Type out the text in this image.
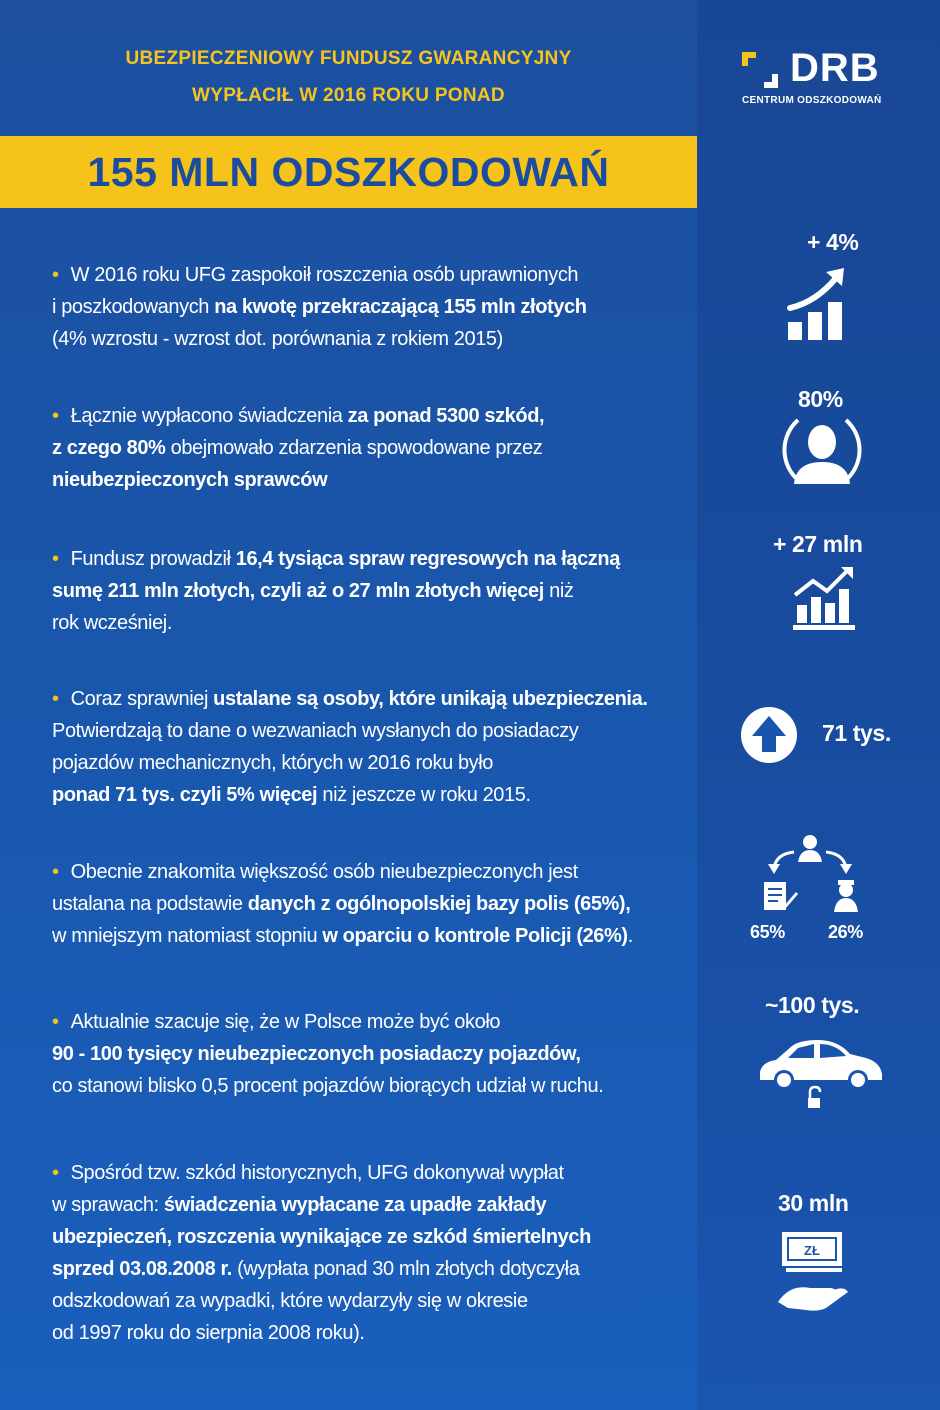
UBEZPIECZENIOWY FUNDUSZ GWARANCYJNY
WYPŁACIŁ W 2016 ROKU PONAD
155 MLN ODSZKODOWAŃ
DRB
CENTRUM ODSZKODOWAŃ
• W 2016 roku UFG zaspokoił roszczenia osób uprawnionych
i poszkodowanych na kwotę przekraczającą 155 mln złotych
(4% wzrostu - wzrost dot. porównania z rokiem 2015)
• Łącznie wypłacono świadczenia za ponad 5300 szkód,
z czego 80% obejmowało zdarzenia spowodowane przez
nieubezpieczonych sprawców
• Fundusz prowadził 16,4 tysiąca spraw regresowych na łączną
sumę 211 mln złotych, czyli aż o 27 mln złotych więcej niż
rok wcześniej.
• Coraz sprawniej ustalane są osoby, które unikają ubezpieczenia.
Potwierdzają to dane o wezwaniach wysłanych do posiadaczy
pojazdów mechanicznych, których w 2016 roku było
ponad 71 tys. czyli 5% więcej niż jeszcze w roku 2015.
• Obecnie znakomita większość osób nieubezpieczonych jest
ustalana na podstawie danych z ogólnopolskiej bazy polis (65%),
w mniejszym natomiast stopniu w oparciu o kontrole Policji (26%).
• Aktualnie szacuje się, że w Polsce może być około
90 - 100 tysięcy nieubezpieczonych posiadaczy pojazdów,
co stanowi blisko 0,5 procent pojazdów biorących udział w ruchu.
• Spośród tzw. szkód historycznych, UFG dokonywał wypłat
w sprawach: świadczenia wypłacane za upadłe zakłady
ubezpieczeń, roszczenia wynikające ze szkód śmiertelnych
sprzed 03.08.2008 r. (wypłata ponad 30 mln złotych dotyczyła
odszkodowań za wypadki, które wydarzyły się w okresie
od 1997 roku do sierpnia 2008 roku).
+ 4%
80%
+ 27 mln
71 tys.
65% 26%
~100 tys.
30 mln
ZŁ
